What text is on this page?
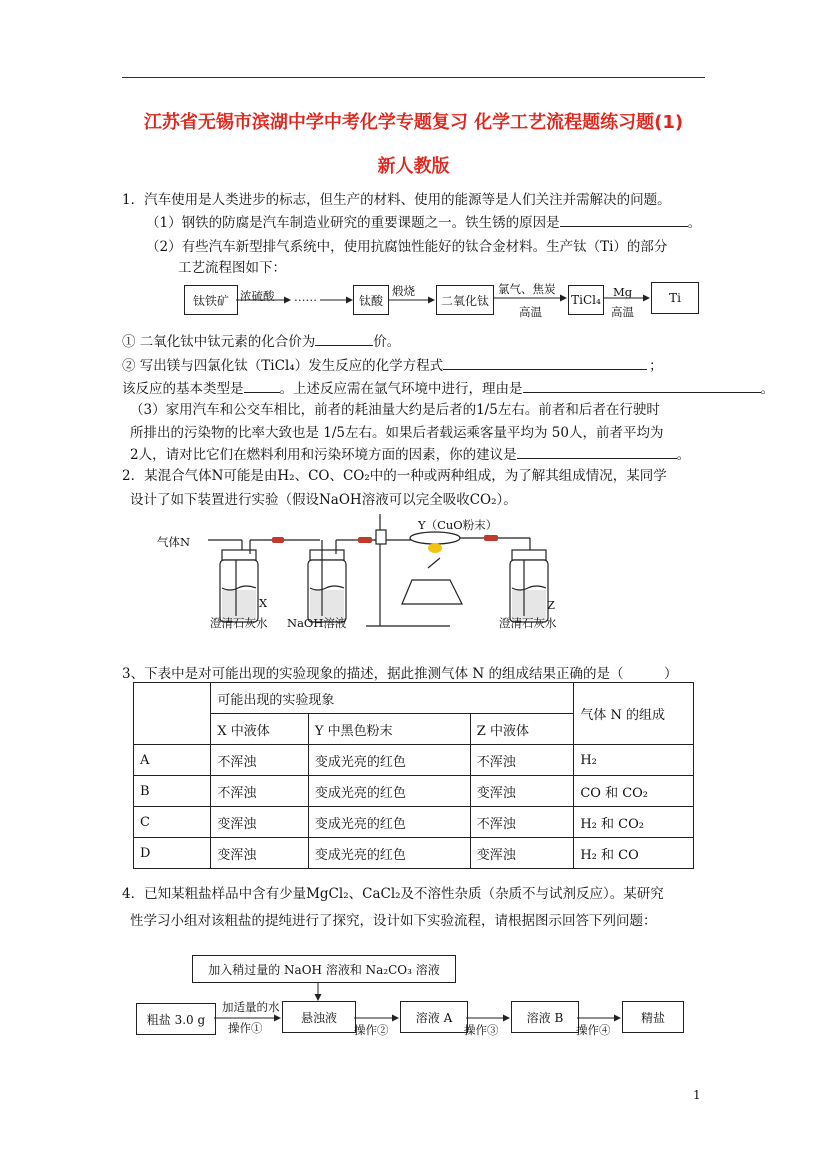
江苏省无锡市滨湖中学中考化学专题复习 化学工艺流程题练习题(1)
新人教版
1．汽车使用是人类进步的标志，但生产的材料、使用的能源等是人们关注并需解决的问题。
（1）钢铁的防腐是汽车制造业研究的重要课题之一。铁生锈的原因是	。
（2）有些汽车新型排气系统中，使用抗腐蚀性能好的钛合金材料。生产钛（Ti）的部分
工艺流程图如下：
钛铁矿 浓硫酸 ……	钛酸
煅烧
二氧化钛
氯气、焦炭
高温
TiCl₄
Mg
高温
Ti
① 二氧化钛中钛元素的化合价为	价。
② 写出镁与四氯化钛（TiCl₄）发生反应的化学方程式	；
该反应的基本类型是	。上述反应需在氩气环境中进行，理由是	。
（3）家用汽车和公交车相比，前者的耗油量大约是后者的1/5左右。前者和后者在行驶时
所排出的污染物的比率大致也是 1/5左右。如果后者载运乘客量平均为 50人，前者平均为
2人，请对比它们在燃料利用和污染环境方面的因素，你的建议是	。
2．某混合气体N可能是由H₂、CO、CO₂中的一种或两种组成，为了解其组成情况，某同学
设计了如下装置进行实验（假设NaOH溶液可以完全吸收CO₂）。
气体N
Y（CuO粉末）
X	Z
澄清石灰水 NaOH溶液	澄清石灰水
3、下表中是对可能出现的实验现象的描述，据此推测气体 N 的组成结果正确的是（　　　）
	可能出现的实验现象			气体 N 的组成
	X 中液体	Y 中黑色粉末	Z 中液体	
A	不浑浊	变成光亮的红色	不浑浊	H₂
B	不浑浊	变成光亮的红色	变浑浊	CO 和 CO₂
C	变浑浊	变成光亮的红色	不浑浊	H₂ 和 CO₂
D	变浑浊	变成光亮的红色	变浑浊	H₂ 和 CO
4．已知某粗盐样品中含有少量MgCl₂、CaCl₂及不溶性杂质（杂质不与试剂反应）。某研究
性学习小组对该粗盐的提纯进行了探究，设计如下实验流程，请根据图示回答下列问题：
加入稍过量的 NaOH 溶液和 Na₂CO₃ 溶液
粗盐 3.0 g
加适量的水
操作①
悬浊液
操作②
溶液 A
操作③
溶液 B
操作④
精盐
1
